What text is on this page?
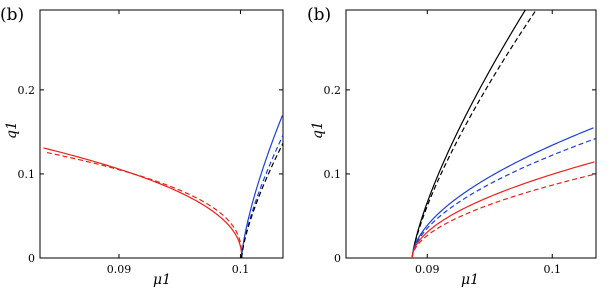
(b)
0.09	0.1
0
0.1
0.2
μ1
q1
(b)
0.09	0.1
0
0.1
0.2
μ1
q1
